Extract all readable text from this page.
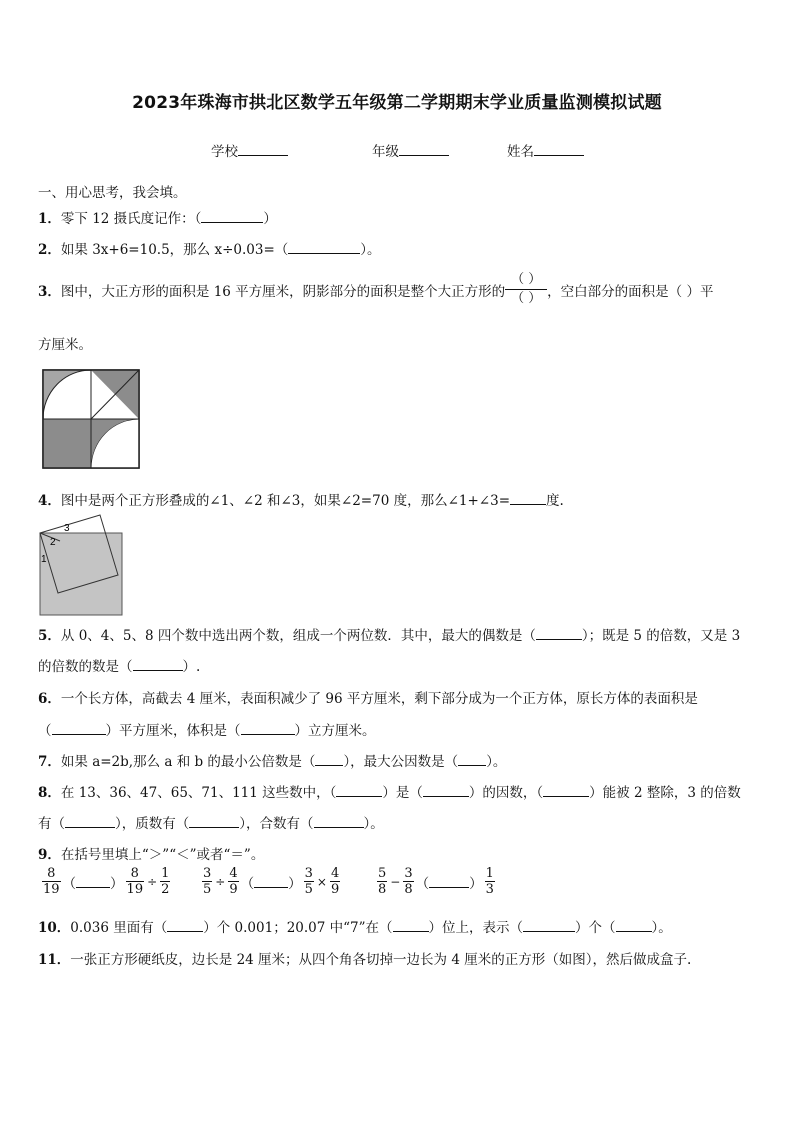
2023年珠海市拱北区数学五年级第二学期期末学业质量监测模拟试题
学校	年级	姓名
一、用心思考，我会填。
1．零下 12 摄氏度记作：（	）
2．如果 3x+6=10.5，那么 x÷0.03=（	）。
3． 图中，大正方形的面积是 16 平方厘米，阴影部分的面积是整个大正方形的 $\frac{( )}{( )}$ ，空白部分的面积是（ ）平
方厘米。
4．图中是两个正方形叠成的∠1、∠2 和∠3，如果∠2=70 度，那么∠1+∠3=	度.
3
2
1
5．从 0、4、5、8 四个数中选出两个数，组成一个两位数．其中，最大的偶数是（	）；既是 5 的倍数，又是 3
的倍数的数是（	）.
6．一个长方体，高截去 4 厘米，表面积减少了 96 平方厘米，剩下部分成为一个正方体，原长方体的表面积是
（	）平方厘米，体积是（	）立方厘米。
7．如果 a=2b,那么 a 和 b 的最小公倍数是（ ），最大公因数是（ ）。
8．在 13、36、47、65、71、111 这些数中，（	）是（	）的因数，（	）能被 2 整除，3 的倍数
有（	），质数有（	），合数有（	）。
9．在括号里填上“＞”“＜”或者“＝”。
$\frac{8}{19}$ （	） $\frac{8}{19} \div \frac{1}{2} \frac{3}{5} \div \frac{4}{9}$ （	） $\frac{3}{5} \times \frac{4}{9}$	$\frac{5}{8} - \frac{3}{8}$ （	） $\frac{1}{3}$
10．0.036 里面有（	）个 0.001；20.07 中“7”在（	）位上，表示（	）个（	）。
11．一张正方形硬纸皮，边长是 24 厘米；从四个角各切掉一边长为 4 厘米的正方形（如图），然后做成盒子.
